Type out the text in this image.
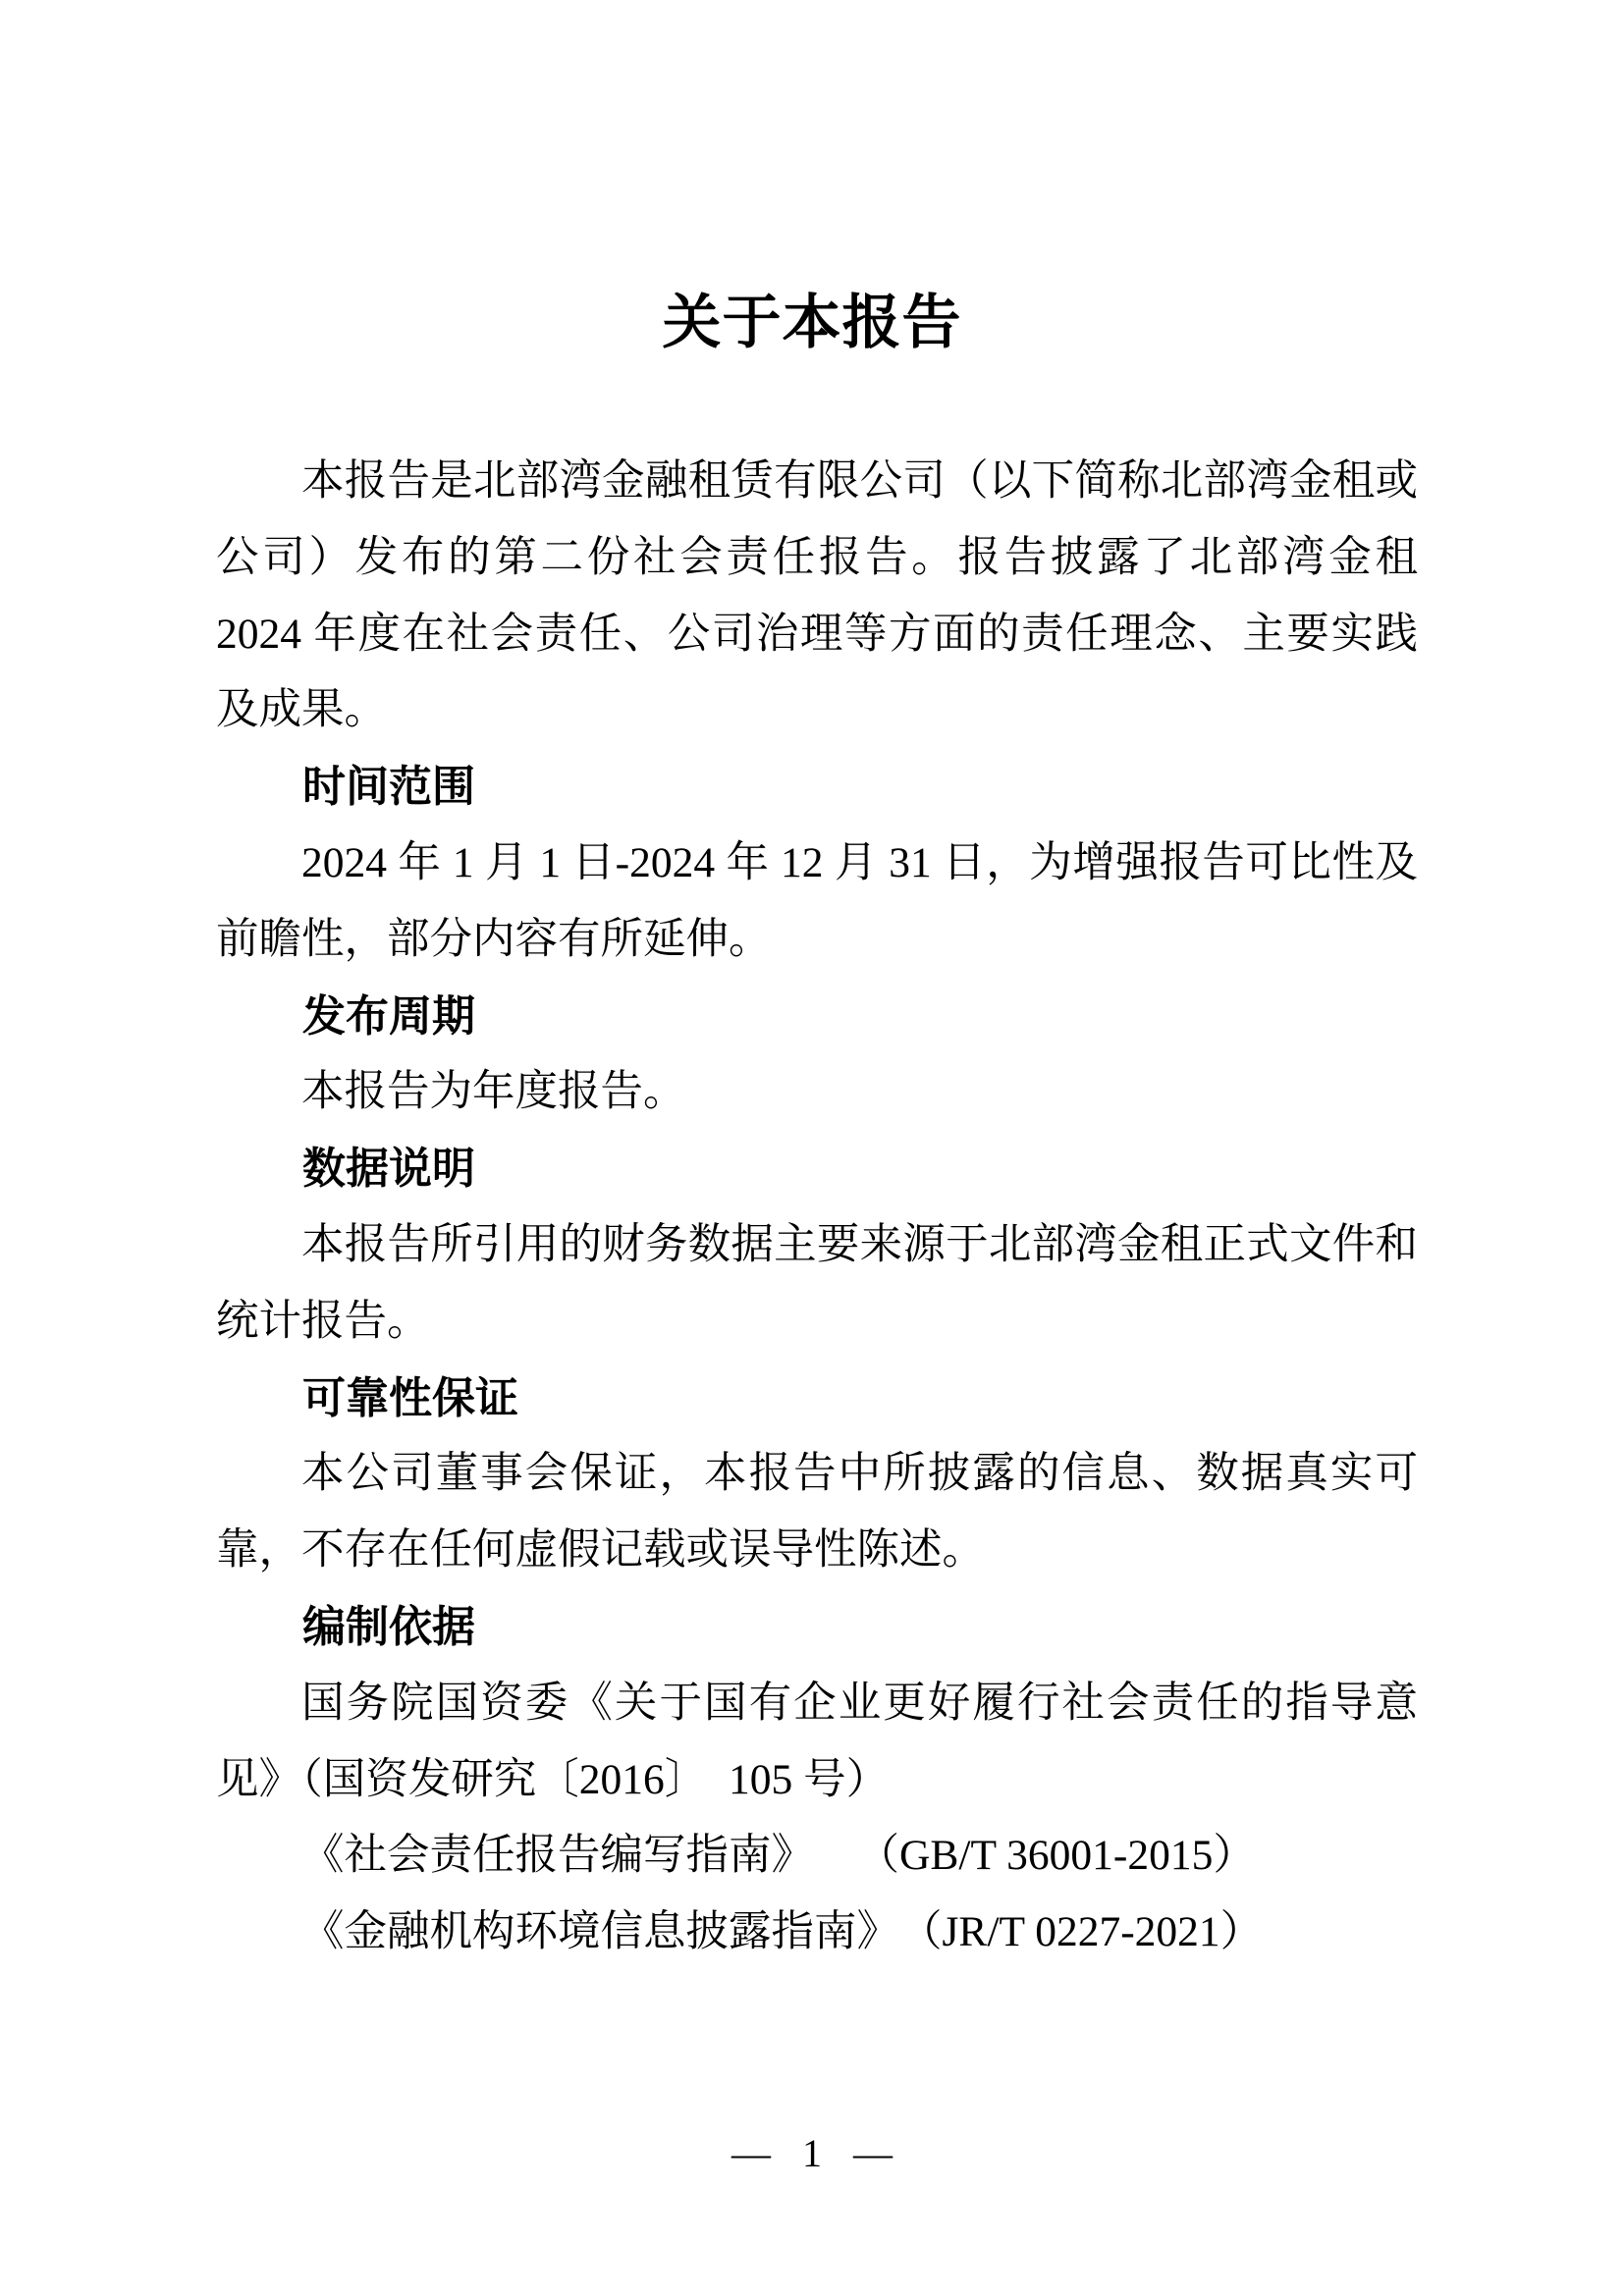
关于本报告

本报告是北部湾金融租赁有限公司（以下简称北部湾金租或公司）发布的第二份社会责任报告。报告披露了北部湾金租 2024 年度在社会责任、公司治理等方面的责任理念、主要实践及成果。

时间范围

2024 年 1 月 1 日-2024 年 12 月 31 日，为增强报告可比性及前瞻性，部分内容有所延伸。

发布周期

本报告为年度报告。

数据说明

本报告所引用的财务数据主要来源于北部湾金租正式文件和统计报告。

可靠性保证

本公司董事会保证，本报告中所披露的信息、数据真实可靠，不存在任何虚假记载或误导性陈述。

编制依据

国务院国资委《关于国有企业更好履行社会责任的指导意见》（国资发研究〔2016〕　105 号）

《社会责任报告编写指南》　　（GB/T 36001-2015）

《金融机构环境信息披露指南》　（JR/T 0227-2021）

— 1 —
